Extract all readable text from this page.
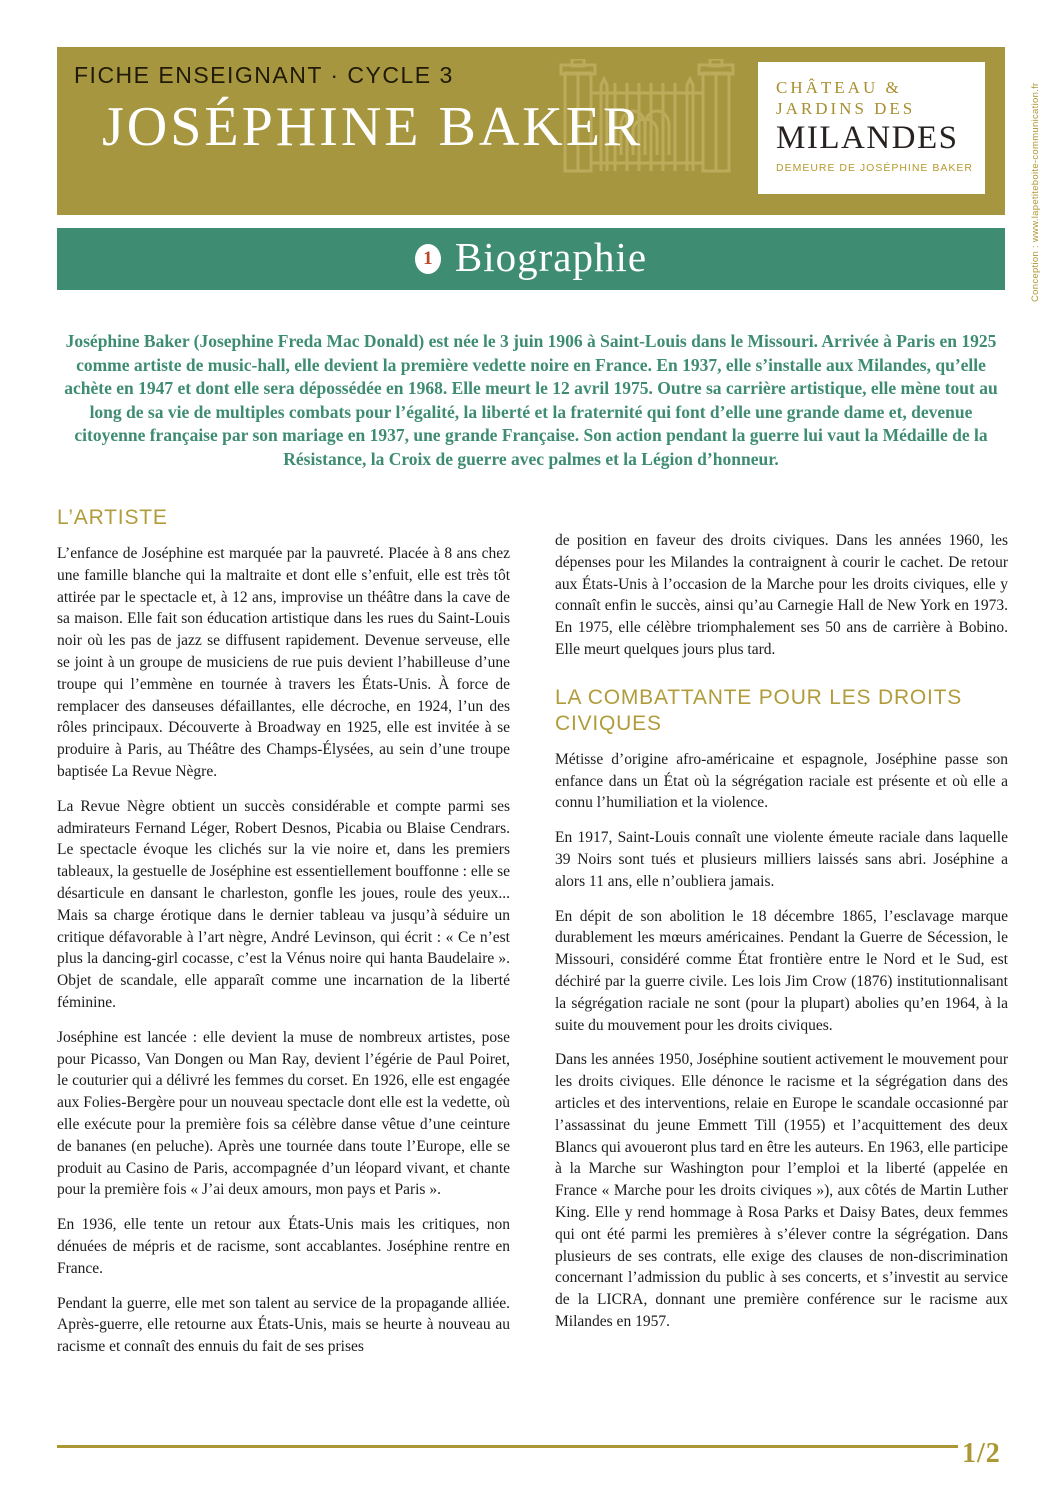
FICHE ENSEIGNANT · CYCLE 3
JOSÉPHINE BAKER
CHÂTEAU &
JARDINS DES
MILANDES
DEMEURE DE JOSÉPHINE BAKER	Conception : www.lapetiteboite-communication.fr
1 Biographie
Joséphine Baker (Josephine Freda Mac Donald) est née le 3 juin 1906 à Saint-Louis dans le Missouri. Arrivée à Paris en 1925 comme artiste de music-hall, elle devient la première vedette noire en France. En 1937, elle s’installe aux Milandes, qu’elle achète en 1947 et dont elle sera dépossédée en 1968. Elle meurt le 12 avril 1975. Outre sa carrière artistique, elle mène tout au long de sa vie de multiples combats pour l’égalité, la liberté et la fraternité qui font d’elle une grande dame et, devenue citoyenne française par son mariage en 1937, une grande Française. Son action pendant la guerre lui vaut la Médaille de la Résistance, la Croix de guerre avec palmes et la Légion d’honneur.
L’ARTISTE

L’enfance de Joséphine est marquée par la pauvreté. Placée à 8 ans chez une famille blanche qui la maltraite et dont elle s’enfuit, elle est très tôt attirée par le spectacle et, à 12 ans, improvise un théâtre dans la cave de sa maison. Elle fait son éducation artistique dans les rues du Saint-Louis noir où les pas de jazz se diffusent rapidement. Devenue serveuse, elle se joint à un groupe de musiciens de rue puis devient l’habilleuse d’une troupe qui l’emmène en tournée à travers les États-Unis. À force de remplacer des danseuses défaillantes, elle décroche, en 1924, l’un des rôles principaux. Découverte à Broadway en 1925, elle est invitée à se produire à Paris, au Théâtre des Champs-Élysées, au sein d’une troupe baptisée La Revue Nègre.

La Revue Nègre obtient un succès considérable et compte parmi ses admirateurs Fernand Léger, Robert Desnos, Picabia ou Blaise Cendrars. Le spectacle évoque les clichés sur la vie noire et, dans les premiers tableaux, la gestuelle de Joséphine est essentiellement bouffonne : elle se désarticule en dansant le charleston, gonfle les joues, roule des yeux... Mais sa charge érotique dans le dernier tableau va jusqu’à séduire un critique défavorable à l’art nègre, André Levinson, qui écrit : « Ce n’est plus la dancing-girl cocasse, c’est la Vénus noire qui hanta Baudelaire ». Objet de scandale, elle apparaît comme une incarnation de la liberté féminine.

Joséphine est lancée : elle devient la muse de nombreux artistes, pose pour Picasso, Van Dongen ou Man Ray, devient l’égérie de Paul Poiret, le couturier qui a délivré les femmes du corset. En 1926, elle est engagée aux Folies-Bergère pour un nouveau spectacle dont elle est la vedette, où elle exécute pour la première fois sa célèbre danse vêtue d’une ceinture de bananes (en peluche). Après une tournée dans toute l’Europe, elle se produit au Casino de Paris, accompagnée d’un léopard vivant, et chante pour la première fois « J’ai deux amours, mon pays et Paris ».

En 1936, elle tente un retour aux États-Unis mais les critiques, non dénuées de mépris et de racisme, sont accablantes. Joséphine rentre en France.

Pendant la guerre, elle met son talent au service de la propagande alliée. Après-guerre, elle retourne aux États-Unis, mais se heurte à nouveau au racisme et connaît des ennuis du fait de ses prises

de position en faveur des droits civiques. Dans les années 1960, les dépenses pour les Milandes la contraignent à courir le cachet. De retour aux États-Unis à l’occasion de la Marche pour les droits civiques, elle y connaît enfin le succès, ainsi qu’au Carnegie Hall de New York en 1973. En 1975, elle célèbre triomphalement ses 50 ans de carrière à Bobino. Elle meurt quelques jours plus tard.

LA COMBATTANTE POUR LES DROITS CIVIQUES

Métisse d’origine afro-américaine et espagnole, Joséphine passe son enfance dans un État où la ségrégation raciale est présente et où elle a connu l’humiliation et la violence.

En 1917, Saint-Louis connaît une violente émeute raciale dans laquelle 39 Noirs sont tués et plusieurs milliers laissés sans abri. Joséphine a alors 11 ans, elle n’oubliera jamais.

En dépit de son abolition le 18 décembre 1865, l’esclavage marque durablement les mœurs américaines. Pendant la Guerre de Sécession, le Missouri, considéré comme État frontière entre le Nord et le Sud, est déchiré par la guerre civile. Les lois Jim Crow (1876) institutionnalisant la ségrégation raciale ne sont (pour la plupart) abolies qu’en 1964, à la suite du mouvement pour les droits civiques.

Dans les années 1950, Joséphine soutient activement le mouvement pour les droits civiques. Elle dénonce le racisme et la ségrégation dans des articles et des interventions, relaie en Europe le scandale occasionné par l’assassinat du jeune Emmett Till (1955) et l’acquittement des deux Blancs qui avoueront plus tard en être les auteurs. En 1963, elle participe à la Marche sur Washington pour l’emploi et la liberté (appelée en France « Marche pour les droits civiques »), aux côtés de Martin Luther King. Elle y rend hommage à Rosa Parks et Daisy Bates, deux femmes qui ont été parmi les premières à s’élever contre la ségrégation. Dans plusieurs de ses contrats, elle exige des clauses de non-discrimination concernant l’admission du public à ses concerts, et s’investit au service de la LICRA, donnant une première conférence sur le racisme aux Milandes en 1957.

1/2
